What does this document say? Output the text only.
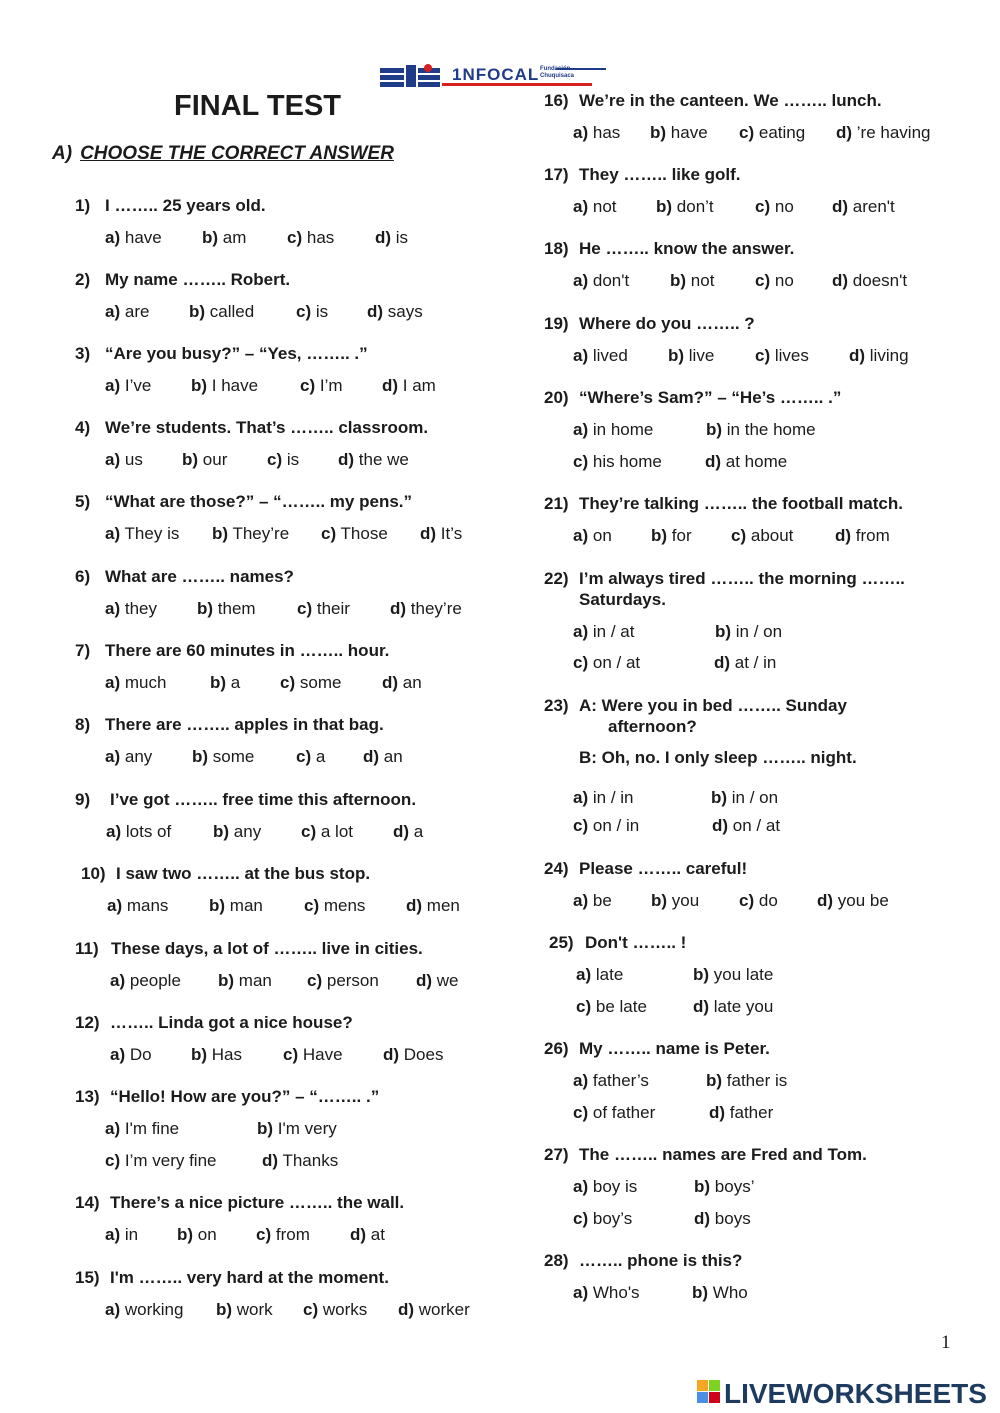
1NFOCAL Fundación Chuquisaca
FINAL TEST
A) CHOOSE THE CORRECT ANSWER
1) I …….. 25 years old.
a) have b) am c) has d) is
2) My name …….. Robert.
a) are b) called c) is d) says
3) “Are you busy?” – “Yes, …….. .”
a) I’ve b) I have c) I’m d) I am
4) We’re students. That’s …….. classroom.
a) us b) our c) is d) the we
5) “What are those?” – “…….. my pens.”
a) They is b) They’re c) Those d) It’s
6) What are …….. names?
a) they b) them c) their d) they’re
7) There are 60 minutes in …….. hour.
a) much	b) a c) some d) an
8) There are …….. apples in that bag.
a) any b) some c) a d) an
9) I’ve got …….. free time this afternoon.
a) lots of b) any c) a lot d) a
10) I saw two …….. at the bus stop.
a) mans b) man c) mens d) men
11) These days, a lot of …….. live in cities.
a) people b) man c) person d) we
12) …….. Linda got a nice house?
a) Do b) Has c) Have d) Does
13) “Hello! How are you?” – “…….. .”
a) I'm fine	b) I'm very
c) I’m very fine	d) Thanks
14) There’s a nice picture …….. the wall.
a) in b) on c) from d) at
15) I'm …….. very hard at the moment.
a) working b) work c) works d) worker
16) We’re in the canteen. We …….. lunch.
a) has b) have c) eating d) ’re having
17) They …….. like golf.
a) not b) don’t c) no d) aren't
18) He …….. know the answer.
a) don't b) not c) no d) doesn't
19) Where do you …….. ?
a) lived b) live c) lives d) living
20) “Where’s Sam?” – “He’s …….. .”
a) in home	b) in the home
c) his home	d) at home
21) They’re talking …….. the football match.
a) on b) for c) about d) from
22) I’m always tired …….. the morning ……..
Saturdays.
a) in / at	b) in / on
c) on / at	d) at / in
23) A: Were you in bed …….. Sunday
afternoon?
B: Oh, no. I only sleep …….. night.
a) in / in	b) in / on
c) on / in	d) on / at
24) Please …….. careful!
a) be b) you c) do d) you be
25) Don't …….. !
a) late	b) you late
c) be late	d) late you
26) My …….. name is Peter.
a) father’s	b) father is
c) of father	d) father
27) The …….. names are Fred and Tom.
a) boy is	b) boys’
c) boy’s	d) boys
28) …….. phone is this?
a) Who's	b) Who
1
LIVEWORKSHEETS
